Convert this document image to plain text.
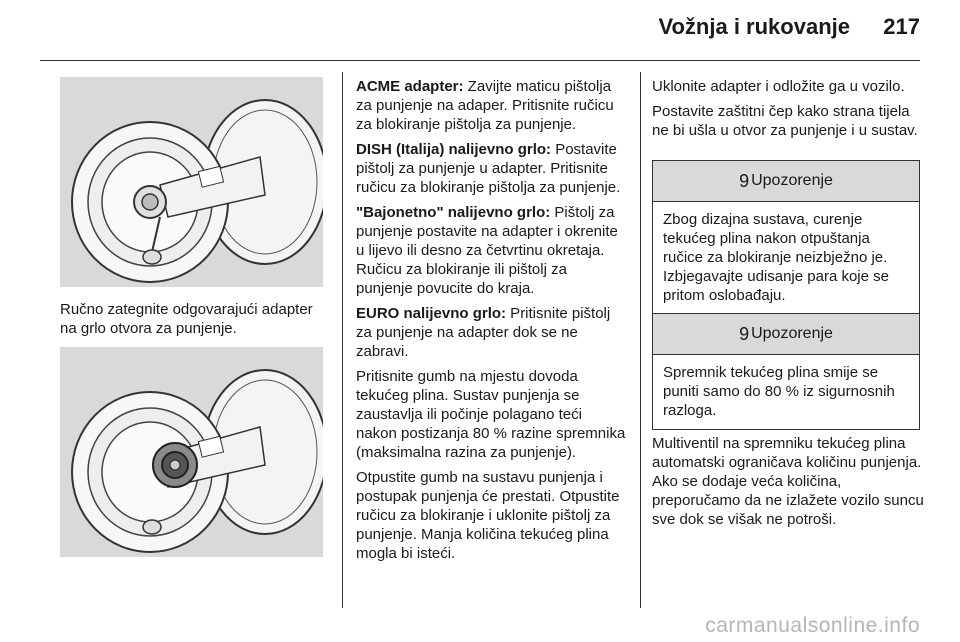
Vožnja i rukovanje 217
Ručno zategnite odgovarajući adapter na grlo otvora za punjenje.

ACME adapter: Zavijte maticu pištolja za punjenje na adaper. Pritisnite ručicu za blokiranje pištolja za punjenje.

DISH (Italija) nalijevno grlo: Postavite pištolj za punjenje u adapter. Pritisnite ručicu za blokiranje pištolja za punjenje.

"Bajonetno" nalijevno grlo: Pištolj za punjenje postavite na adapter i okrenite u lijevo ili desno za četvrtinu okretaja. Ručicu za blokiranje ili pištolj za punjenje povucite do kraja.

EURO nalijevno grlo: Pritisnite pištolj za punjenje na adapter dok se ne zabravi.

Pritisnite gumb na mjestu dovoda tekućeg plina. Sustav punjenja se zaustavlja ili počinje polagano teći nakon postizanja 80 % razine spremnika (maksimalna razina za punjenje).

Otpustite gumb na sustavu punjenja i postupak punjenja će prestati. Otpustite ručicu za blokiranje i uklonite pištolj za punjenje. Manja količina tekućeg plina mogla bi isteći.

Uklonite adapter i odložite ga u vozilo.

Postavite zaštitni čep kako strana tijela ne bi ušla u otvor za punjenje i u sustav.

9 Upozorenje
Zbog dizajna sustava, curenje tekućeg plina nakon otpuštanja ručice za blokiranje neizbježno je. Izbjegavajte udisanje para koje se pritom oslobađaju.
9 Upozorenje
Spremnik tekućeg plina smije se puniti samo do 80 % iz sigurnosnih razloga.

Multiventil na spremniku tekućeg plina automatski ograničava količinu punjenja. Ako se dodaje veća količina, preporučamo da ne izlažete vozilo suncu sve dok se višak ne potroši.

carmanualsonline.info
